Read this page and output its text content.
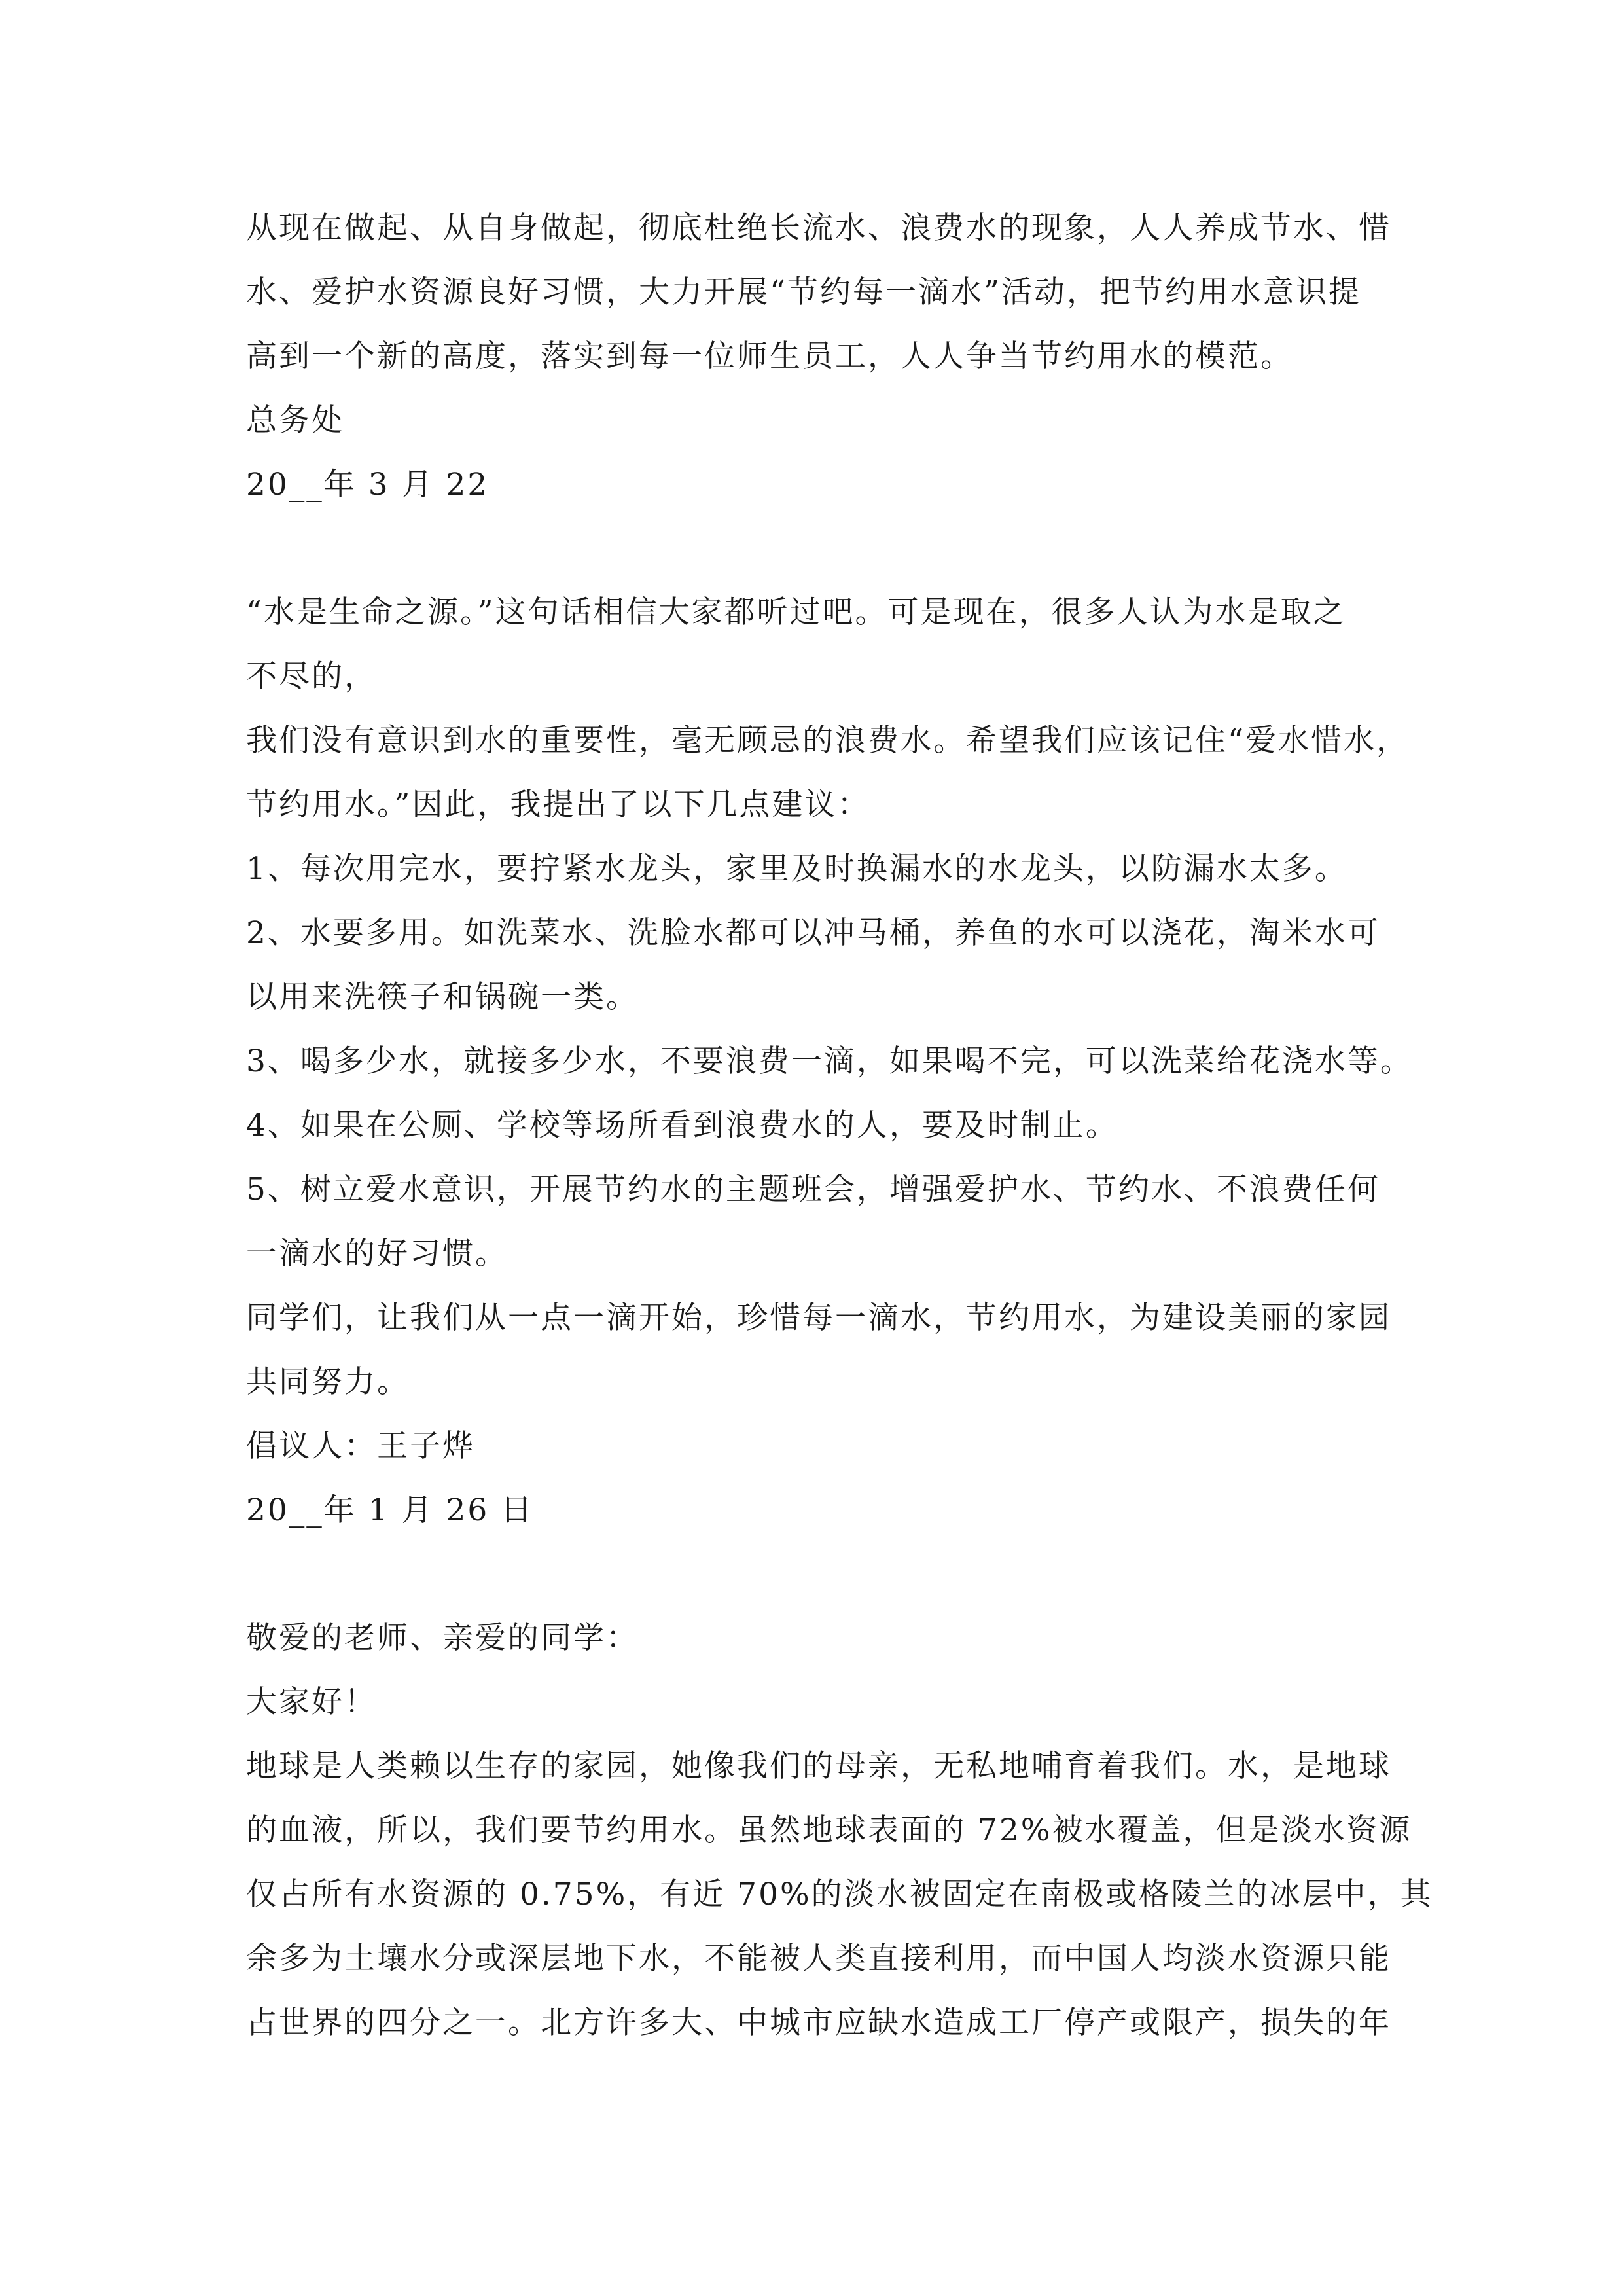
从现在做起、从自身做起，彻底杜绝长流水、浪费水的现象，人人养成节水、惜
水、爱护水资源良好习惯，大力开展“节约每一滴水”活动，把节约用水意识提
高到一个新的高度，落实到每一位师生员工，人人争当节约用水的模范。
总务处
20__年 3 月 22
“水是生命之源。”这句话相信大家都听过吧。可是现在，很多人认为水是取之
不尽的，
我们没有意识到水的重要性，毫无顾忌的浪费水。希望我们应该记住“爱水惜水，
节约用水。”因此，我提出了以下几点建议：
1、每次用完水，要拧紧水龙头，家里及时换漏水的水龙头，以防漏水太多。
2、水要多用。如洗菜水、洗脸水都可以冲马桶，养鱼的水可以浇花，淘米水可
以用来洗筷子和锅碗一类。
3、喝多少水，就接多少水，不要浪费一滴，如果喝不完，可以洗菜给花浇水等。
4、如果在公厕、学校等场所看到浪费水的人，要及时制止。
5、树立爱水意识，开展节约水的主题班会，增强爱护水、节约水、不浪费任何
一滴水的好习惯。
同学们，让我们从一点一滴开始，珍惜每一滴水，节约用水，为建设美丽的家园
共同努力。
倡议人：王子烨
20__年 1 月 26 日
敬爱的老师、亲爱的同学：
大家好！
地球是人类赖以生存的家园，她像我们的母亲，无私地哺育着我们。水，是地球
的血液，所以，我们要节约用水。虽然地球表面的 72%被水覆盖，但是淡水资源
仅占所有水资源的 0.75%，有近 70%的淡水被固定在南极或格陵兰的冰层中，其
余多为土壤水分或深层地下水，不能被人类直接利用，而中国人均淡水资源只能
占世界的四分之一。北方许多大、中城市应缺水造成工厂停产或限产，损失的年
